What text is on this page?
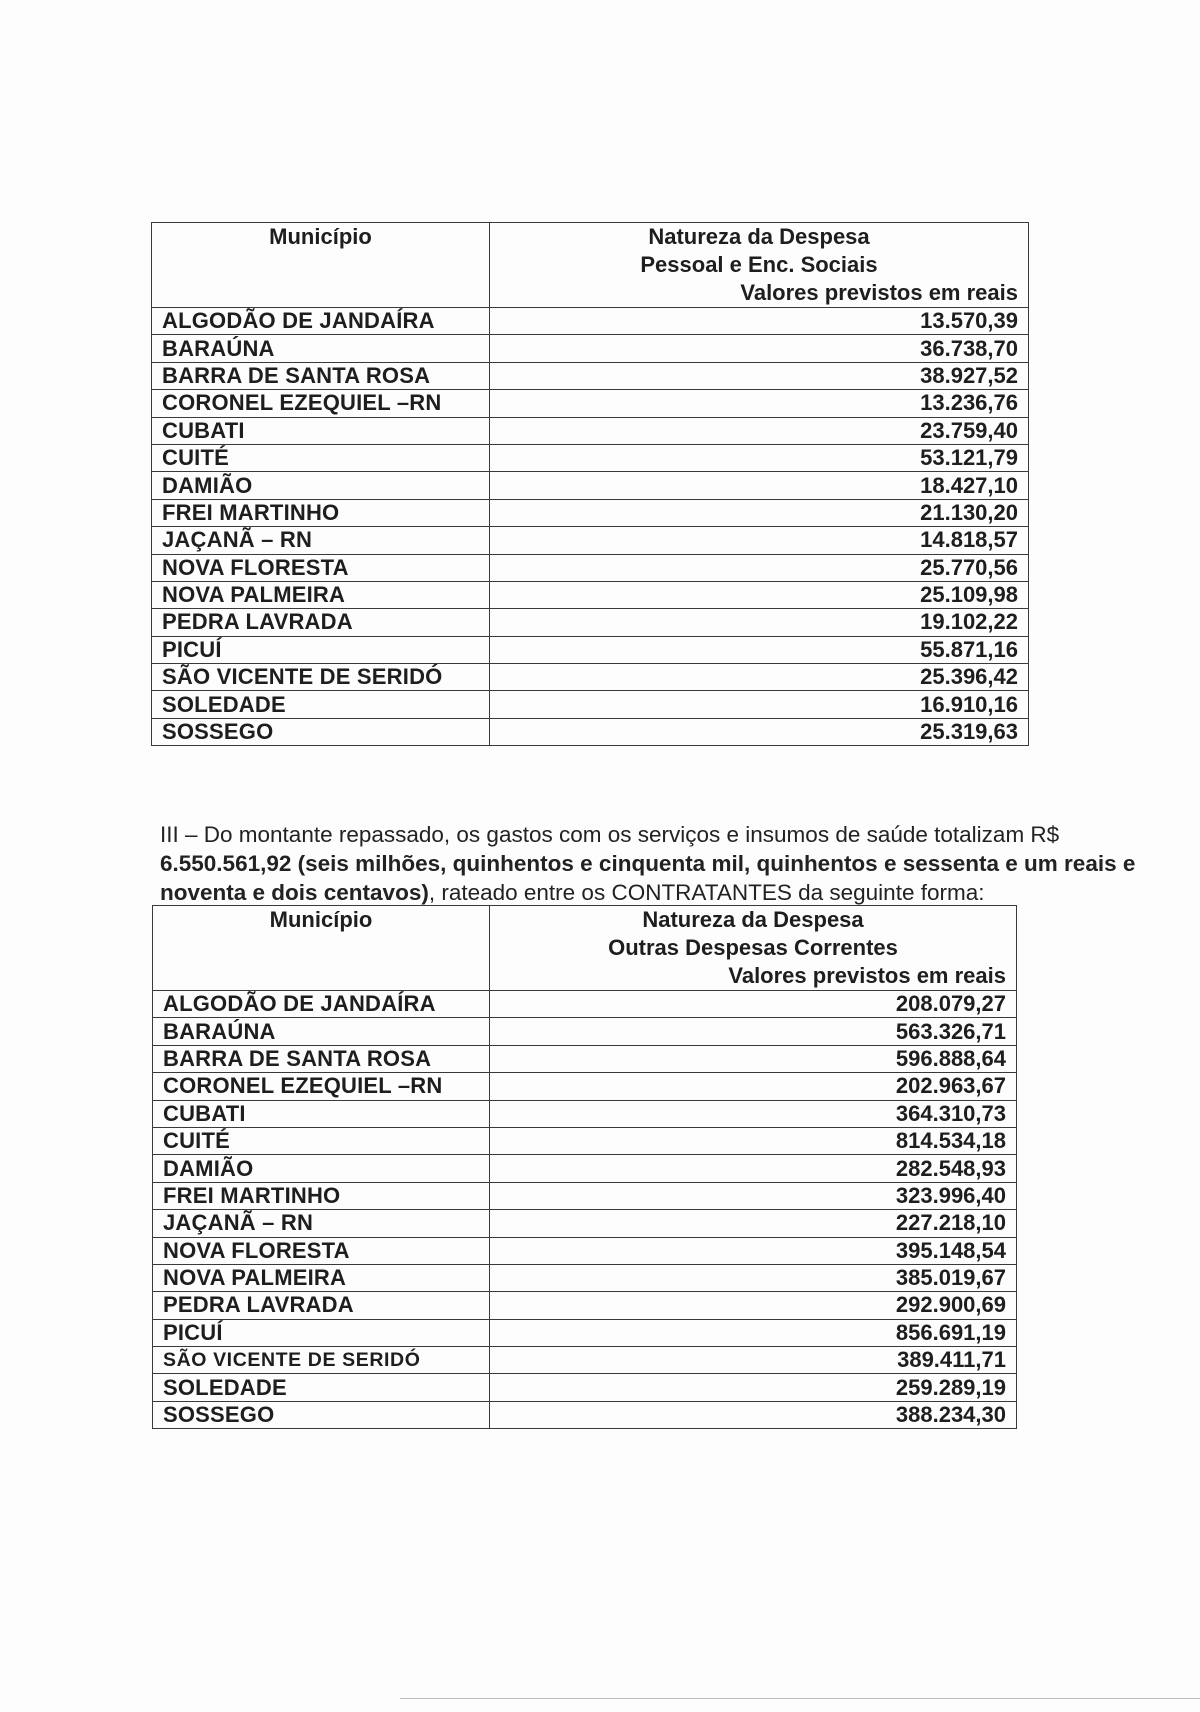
Município	Natureza da Despesa
Pessoal e Enc. Sociais
Valores previstos em reais

ALGODÃO DE JANDAÍRA	13.570,39
BARAÚNA	36.738,70
BARRA DE SANTA ROSA	38.927,52
CORONEL EZEQUIEL –RN	13.236,76
CUBATI	23.759,40
CUITÉ	53.121,79
DAMIÃO	18.427,10
FREI MARTINHO	21.130,20
JAÇANÃ – RN	14.818,57
NOVA FLORESTA	25.770,56
NOVA PALMEIRA	25.109,98
PEDRA LAVRADA	19.102,22
PICUÍ	55.871,16
SÃO VICENTE DE SERIDÓ	25.396,42
SOLEDADE	16.910,16
SOSSEGO	25.319,63

III – Do montante repassado, os gastos com os serviços e insumos de saúde totalizam R$ 6.550.561,92 (seis milhões, quinhentos e cinquenta mil, quinhentos e sessenta e um reais e noventa e dois centavos), rateado entre os CONTRATANTES da seguinte forma:

Município	Natureza da Despesa
Outras Despesas Correntes
Valores previstos em reais

ALGODÃO DE JANDAÍRA	208.079,27
BARAÚNA	563.326,71
BARRA DE SANTA ROSA	596.888,64
CORONEL EZEQUIEL –RN	202.963,67
CUBATI	364.310,73
CUITÉ	814.534,18
DAMIÃO	282.548,93
FREI MARTINHO	323.996,40
JAÇANÃ – RN	227.218,10
NOVA FLORESTA	395.148,54
NOVA PALMEIRA	385.019,67
PEDRA LAVRADA	292.900,69
PICUÍ	856.691,19
SÃO VICENTE DE SERIDÓ	389.411,71
SOLEDADE	259.289,19
SOSSEGO	388.234,30
